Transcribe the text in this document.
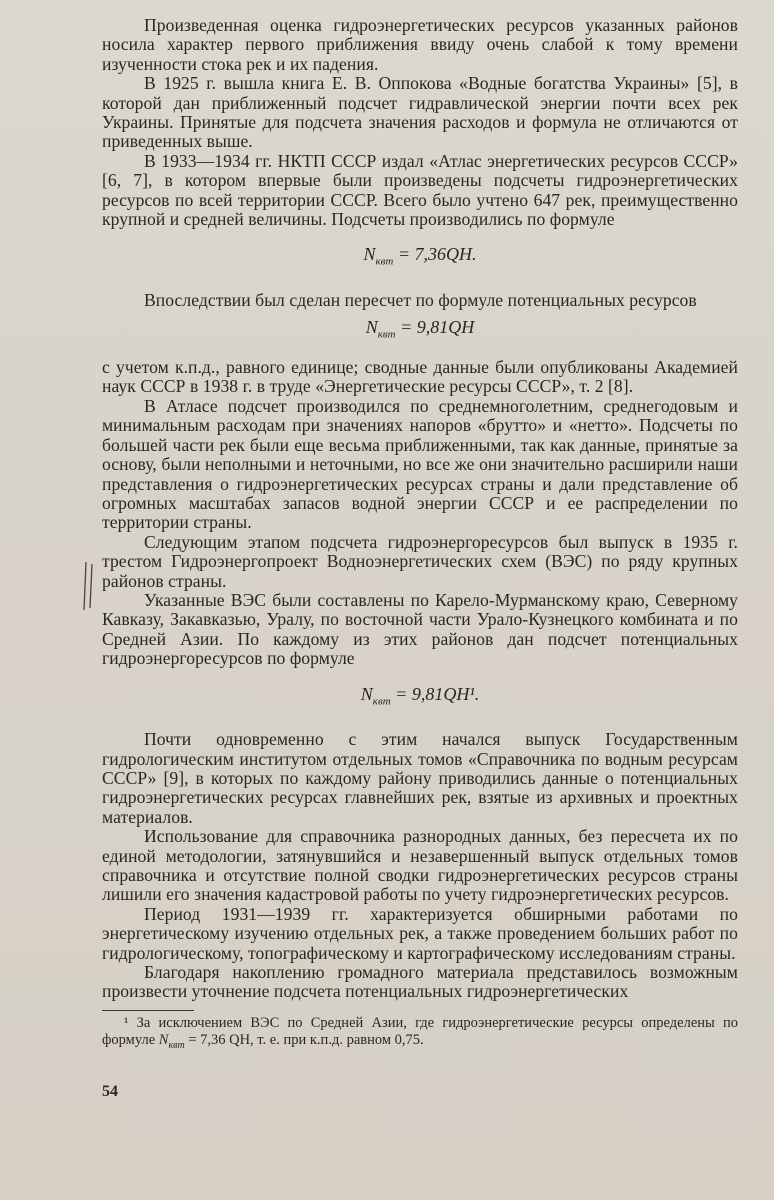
Произведенная оценка гидроэнергетических ресурсов указанных районов носила характер первого приближения ввиду очень слабой к тому времени изученности стока рек и их падения.

В 1925 г. вышла книга Е. В. Оппокова «Водные богатства Украины» [5], в которой дан приближенный подсчет гидравлической энергии почти всех рек Украины. Принятые для подсчета значения расходов и формула не отличаются от приведенных выше.

В 1933—1934 гг. НКТП СССР издал «Атлас энергетических ресурсов СССР» [6, 7], в котором впервые были произведены подсчеты гидроэнергетических ресурсов по всей территории СССР. Всего было учтено 647 рек, преимущественно крупной и средней величины. Подсчеты производились по формуле

$N_{квт} = 7,36QH$.

Впоследствии был сделан пересчет по формуле потенциальных ресурсов

$N_{квт} = 9,81QH$

с учетом к.п.д., равного единице; сводные данные были опубликованы Академией наук СССР в 1938 г. в труде «Энергетические ресурсы СССР», т. 2 [8].

В Атласе подсчет производился по среднемноголетним, среднегодовым и минимальным расходам при значениях напоров «брутто» и «нетто». Подсчеты по большей части рек были еще весьма приближенными, так как данные, принятые за основу, были неполными и неточными, но все же они значительно расширили наши представления о гидроэнергетических ресурсах страны и дали представление об огромных масштабах запасов водной энергии СССР и ее распределении по территории страны.

Следующим этапом подсчета гидроэнергоресурсов был выпуск в 1935 г. трестом Гидроэнергопроект Водноэнергетических схем (ВЭС) по ряду крупных районов страны.

Указанные ВЭС были составлены по Карело-Мурманскому краю, Северному Кавказу, Закавказью, Уралу, по восточной части Урало-Кузнецкого комбината и по Средней Азии. По каждому из этих районов дан подсчет потенциальных гидроэнергоресурсов по формуле

$N_{квт} = 9,81QH^1$.

Почти одновременно с этим начался выпуск Государственным гидрологическим институтом отдельных томов «Справочника по водным ресурсам СССР» [9], в которых по каждому району приводились данные о потенциальных гидроэнергетических ресурсах главнейших рек, взятые из архивных и проектных материалов.

Использование для справочника разнородных данных, без пересчета их по единой методологии, затянувшийся и незавершенный выпуск отдельных томов справочника и отсутствие полной сводки гидроэнергетических ресурсов страны лишили его значения кадастровой работы по учету гидроэнергетических ресурсов.

Период 1931—1939 гг. характеризуется обширными работами по энергетическому изучению отдельных рек, а также проведением больших работ по гидрологическому, топографическому и картографическому исследованиям страны.

Благодаря накоплению громадного материала представилось возможным произвести уточнение подсчета потенциальных гидроэнергетических

¹ За исключением ВЭС по Средней Азии, где гидроэнергетические ресурсы определены по формуле $N_{квт} = 7,36$ QH, т. е. при к.п.д. равном 0,75.

54
